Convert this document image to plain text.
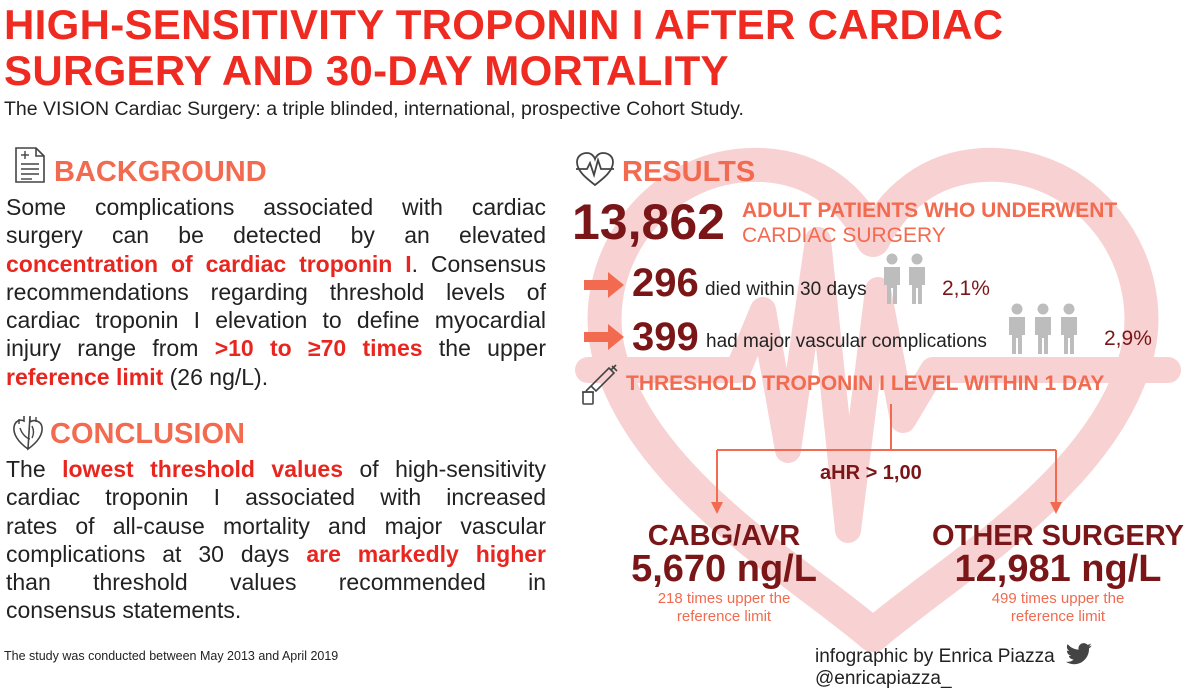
HIGH-SENSITIVITY TROPONIN I AFTER CARDIAC SURGERY AND 30-DAY MORTALITY
The VISION Cardiac Surgery: a triple blinded, international, prospective Cohort Study.
BACKGROUND
Some complications associated with cardiac
surgery can be detected by an elevated
concentration of cardiac troponin I. Consensus
recommendations regarding threshold levels of
cardiac troponin I elevation to define myocardial
injury range from >10 to ≥70 times the upper
reference limit (26 ng/L).
CONCLUSION
The lowest threshold values of high-sensitivity
cardiac troponin I associated with increased
rates of all-cause mortality and major vascular
complications at 30 days are markedly higher
than threshold values recommended in
consensus statements.
RESULTS
13,862 ADULT PATIENTS WHO UNDERWENT
CARDIAC SURGERY
296 died within 30 days	2,1%
399 had major vascular complications	2,9%
THRESHOLD TROPONIN I LEVEL WITHIN 1 DAY
aHR > 1,00
CABG/AVR
5,670 ng/L
218 times upper the
reference limit
OTHER SURGERY
12,981 ng/L
499 times upper the
reference limit
The study was conducted between May 2013 and April 2019	infographic by Enrica Piazza  @enricapiazza_
